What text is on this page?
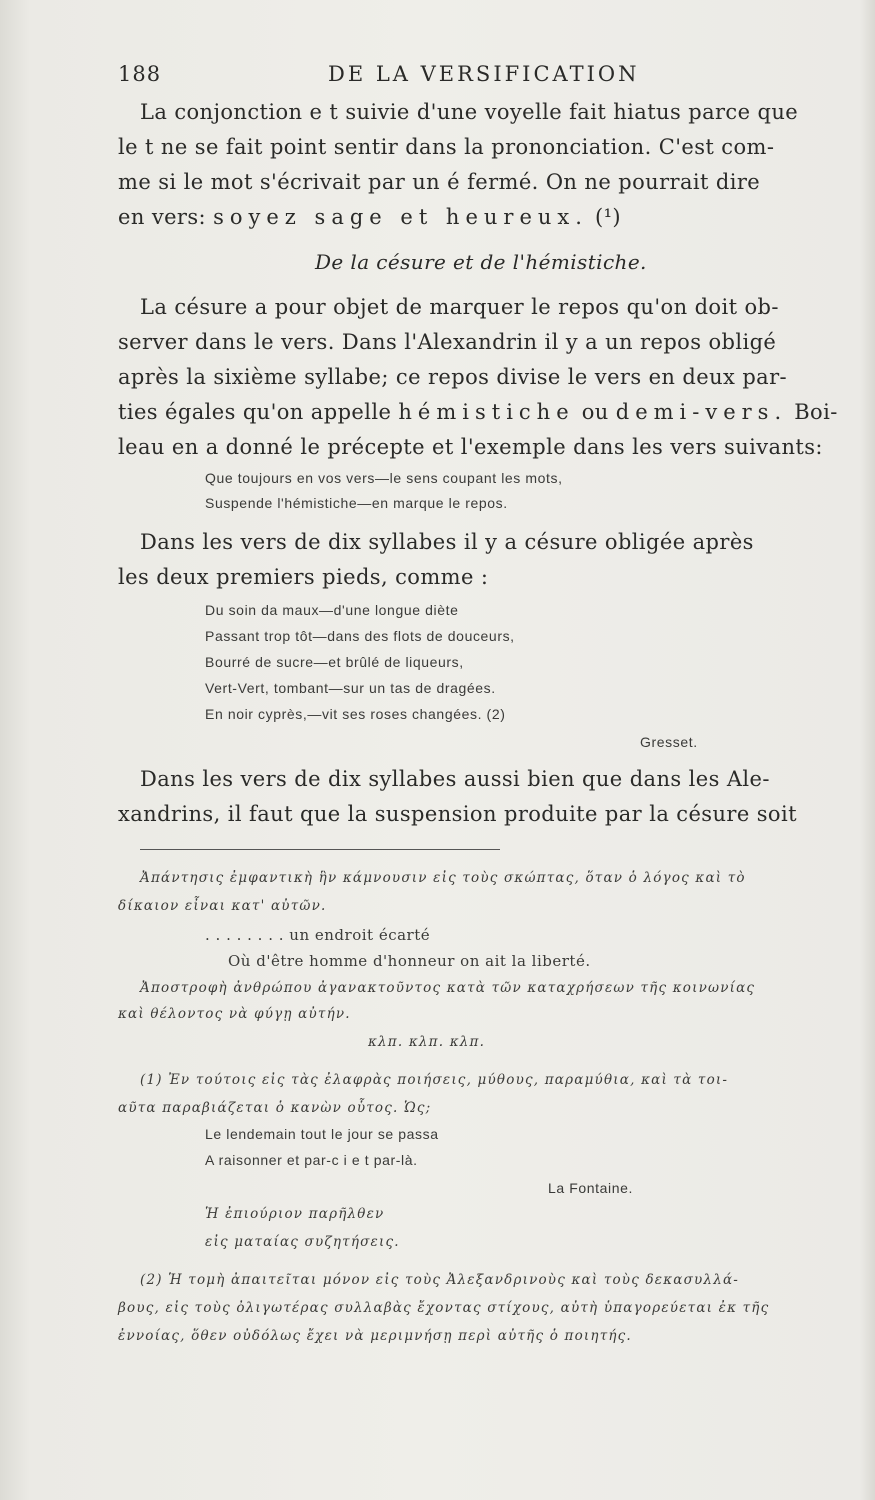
188	DE LA VERSIFICATION
La conjonction e t suivie d'une voyelle fait hiatus parce que
le t ne se fait point sentir dans la prononciation. C'est com-
me si le mot s'écrivait par un é fermé. On ne pourrait dire
en vers: soyez sage et heureux. (¹)
De la césure et de l'hémistiche.
La césure a pour objet de marquer le repos qu'on doit ob-
server dans le vers. Dans l'Alexandrin il y a un repos obligé
après la sixième syllabe; ce repos divise le vers en deux par-
ties égales qu'on appelle hémistiche ou demi-vers. Boi-
leau en a donné le précepte et l'exemple dans les vers suivants:
Que toujours en vos vers—le sens coupant les mots,
Suspende l'hémistiche—en marque le repos.
Dans les vers de dix syllabes il y a césure obligée après
les deux premiers pieds, comme :
Du soin da maux—d'une longue diète
Passant trop tôt—dans des flots de douceurs,
Bourré de sucre—et brûlé de liqueurs,
Vert-Vert, tombant—sur un tas de dragées.
En noir cyprès,—vit ses roses changées. (2)
Gresset.
Dans les vers de dix syllabes aussi bien que dans les Ale-
xandrins, il faut que la suspension produite par la césure soit
Ἀπάντησις ἐμφαντικὴ ἣν κάμνουσιν εἰς τοὺς σκώπτας, ὅταν ὁ λόγος καὶ τὸ
δίκαιον εἶναι κατ' αὐτῶν.
. . . . . . . . un endroit écarté
Où d'être homme d'honneur on ait la liberté.
Ἀποστροφὴ ἀνθρώπου ἀγανακτοῦντος κατὰ τῶν καταχρήσεων τῆς κοινωνίας
καὶ θέλοντος νὰ φύγῃ αὐτήν.
κλπ. κλπ. κλπ.
(1) Ἐν τούτοις εἰς τὰς ἐλαφρὰς ποιήσεις, μύθους, παραμύθια, καὶ τὰ τοι-
αῦτα παραβιάζεται ὁ κανὼν οὗτος. Ὡς;
Le lendemain tout le jour se passa
A raisonner et par-c i e t par-là.
La Fontaine.
Ἡ ἐπιούριον παρῆλθεν
εἰς ματαίας συζητήσεις.
(2) Ἡ τομὴ ἀπαιτεῖται μόνον εἰς τοὺς Ἀλεξανδρινοὺς καὶ τοὺς δεκασυλλά-
βους, εἰς τοὺς ὀλιγωτέρας συλλαβὰς ἔχοντας στίχους, αὐτὴ ὑπαγορεύεται ἐκ τῆς
ἐννοίας, ὅθεν οὐδόλως ἔχει νὰ μεριμνήσῃ περὶ αὐτῆς ὁ ποιητής.
